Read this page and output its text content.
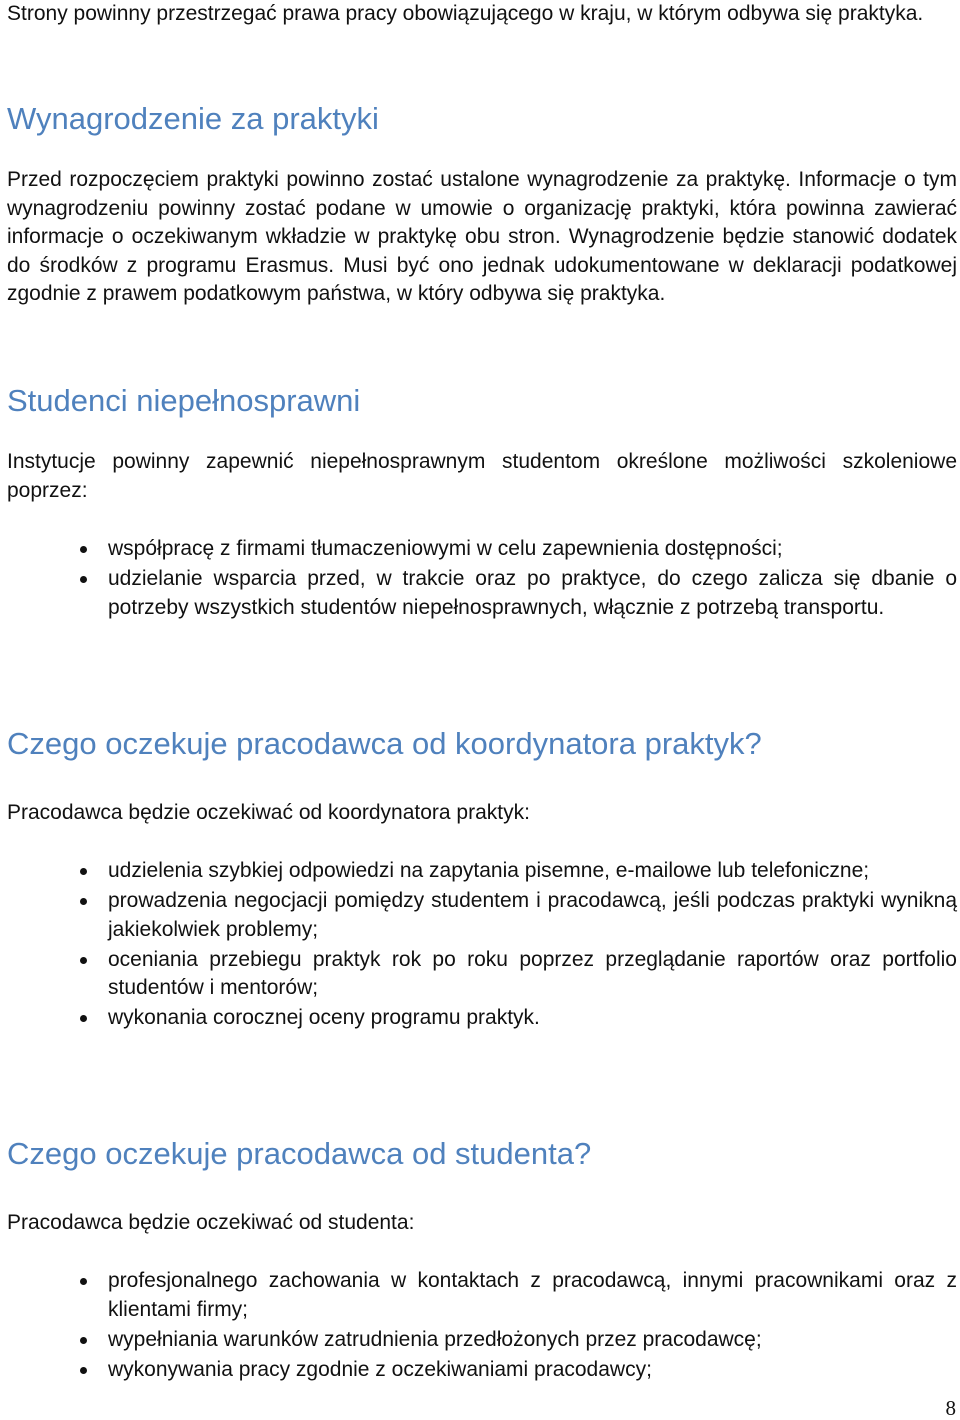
Strony powinny przestrzegać prawa pracy obowiązującego w kraju, w którym odbywa się praktyka.

Wynagrodzenie za praktyki

Przed rozpoczęciem praktyki powinno zostać ustalone wynagrodzenie za praktykę. Informacje o tym wynagrodzeniu powinny zostać podane w umowie o organizację praktyki, która powinna zawierać informacje o oczekiwanym wkładzie w praktykę obu stron. Wynagrodzenie będzie stanowić dodatek do środków z programu Erasmus. Musi być ono jednak udokumentowane w deklaracji podatkowej zgodnie z prawem podatkowym państwa, w który odbywa się praktyka.

Studenci niepełnosprawni

Instytucje powinny zapewnić niepełnosprawnym studentom określone możliwości szkoleniowe poprzez:

współpracę z firmami tłumaczeniowymi w celu zapewnienia dostępności;
udzielanie wsparcia przed, w trakcie oraz po praktyce, do czego zalicza się dbanie o potrzeby wszystkich studentów niepełnosprawnych, włącznie z potrzebą transportu.
Czego oczekuje pracodawca od koordynatora praktyk?

Pracodawca będzie oczekiwać od koordynatora praktyk:

udzielenia szybkiej odpowiedzi na zapytania pisemne, e-mailowe lub telefoniczne;
prowadzenia negocjacji pomiędzy studentem i pracodawcą, jeśli podczas praktyki wynikną jakiekolwiek problemy;
oceniania przebiegu praktyk rok po roku poprzez przeglądanie raportów oraz portfolio studentów i mentorów;
wykonania corocznej oceny programu praktyk.
Czego oczekuje pracodawca od studenta?

Pracodawca będzie oczekiwać od studenta:

profesjonalnego zachowania w kontaktach z pracodawcą, innymi pracownikami oraz z klientami firmy;
wypełniania warunków zatrudnienia przedłożonych przez pracodawcę;
wykonywania pracy zgodnie z oczekiwaniami pracodawcy;
8
